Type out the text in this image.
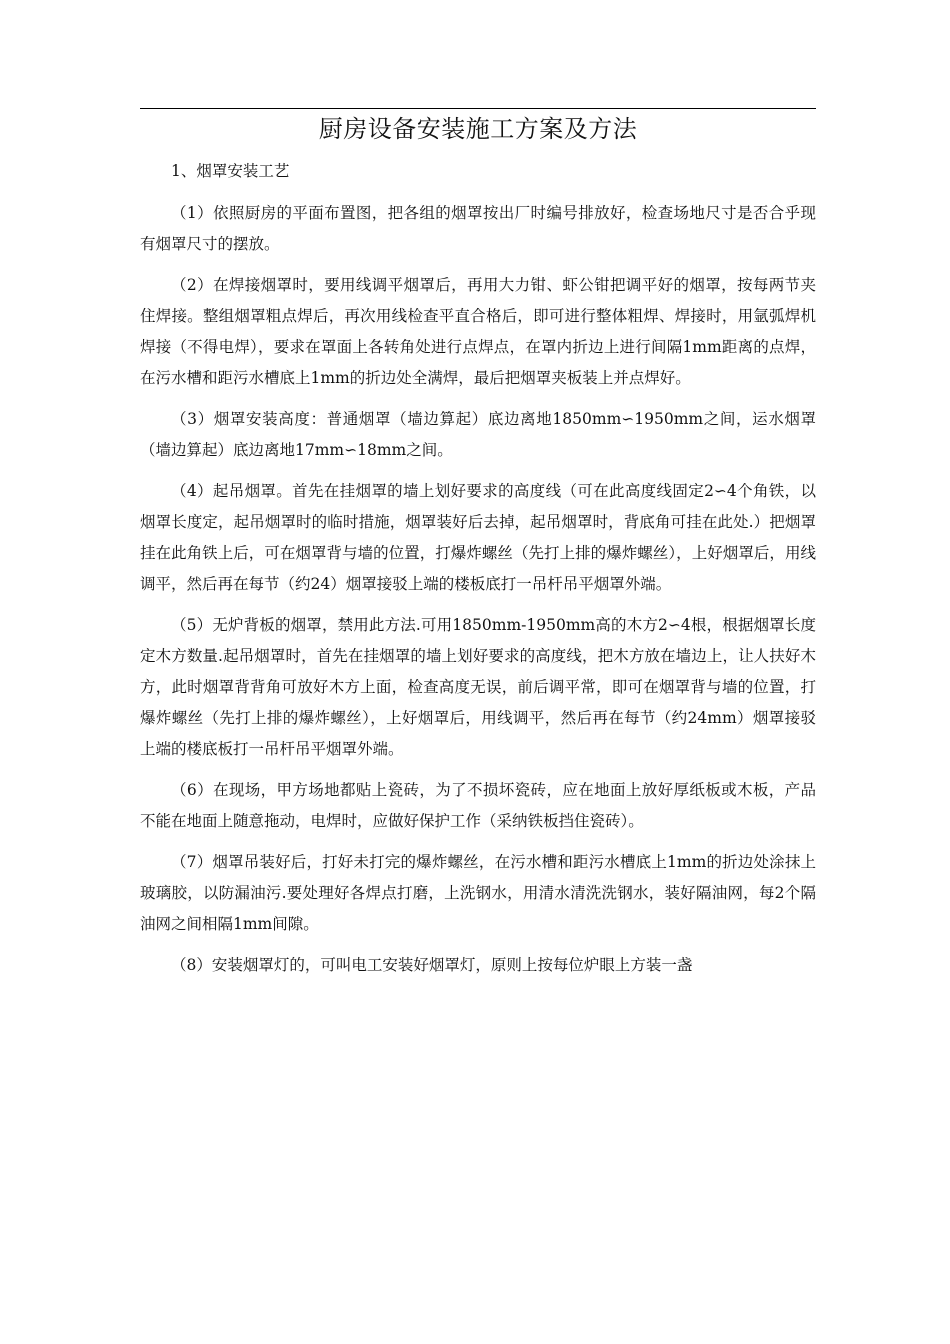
厨房设备安装施工方案及方法

1、烟罩安装工艺

（1）依照厨房的平面布置图，把各组的烟罩按出厂时编号排放好，检查场地尺寸是否合乎现有烟罩尺寸的摆放。

（2）在焊接烟罩时，要用线调平烟罩后，再用大力钳、虾公钳把调平好的烟罩，按每两节夹住焊接。整组烟罩粗点焊后，再次用线检查平直合格后，即可进行整体粗焊、焊接时，用氩弧焊机焊接（不得电焊），要求在罩面上各转角处进行点焊点，在罩内折边上进行间隔1mm距离的点焊，在污水槽和距污水槽底上1mm的折边处全满焊，最后把烟罩夹板装上并点焊好。

（3）烟罩安装高度：普通烟罩（墙边算起）底边离地1850mm∽1950mm之间，运水烟罩（墙边算起）底边离地17mm∽18mm之间。

（4）起吊烟罩。首先在挂烟罩的墙上划好要求的高度线（可在此高度线固定2∽4个角铁，以烟罩长度定，起吊烟罩时的临时措施，烟罩装好后去掉，起吊烟罩时，背底角可挂在此处.）把烟罩挂在此角铁上后，可在烟罩背与墙的位置，打爆炸螺丝（先打上排的爆炸螺丝），上好烟罩后，用线调平，然后再在每节（约24）烟罩接驳上端的楼板底打一吊杆吊平烟罩外端。

（5）无炉背板的烟罩，禁用此方法.可用1850mm-1950mm高的木方2∽4根，根据烟罩长度定木方数量.起吊烟罩时，首先在挂烟罩的墙上划好要求的高度线，把木方放在墙边上，让人扶好木方，此时烟罩背背角可放好木方上面，检查高度无误，前后调平常，即可在烟罩背与墙的位置，打爆炸螺丝（先打上排的爆炸螺丝），上好烟罩后，用线调平，然后再在每节（约24mm）烟罩接驳上端的楼底板打一吊杆吊平烟罩外端。

（6）在现场，甲方场地都贴上瓷砖，为了不损坏瓷砖，应在地面上放好厚纸板或木板，产品不能在地面上随意拖动，电焊时，应做好保护工作（采纳铁板挡住瓷砖）。

（7）烟罩吊装好后，打好未打完的爆炸螺丝，在污水槽和距污水槽底上1mm的折边处涂抹上玻璃胶，以防漏油污.要处理好各焊点打磨，上洗钢水，用清水清洗洗钢水，装好隔油网，每2个隔油网之间相隔1mm间隙。

（8）安装烟罩灯的，可叫电工安装好烟罩灯，原则上按每位炉眼上方装一盏
